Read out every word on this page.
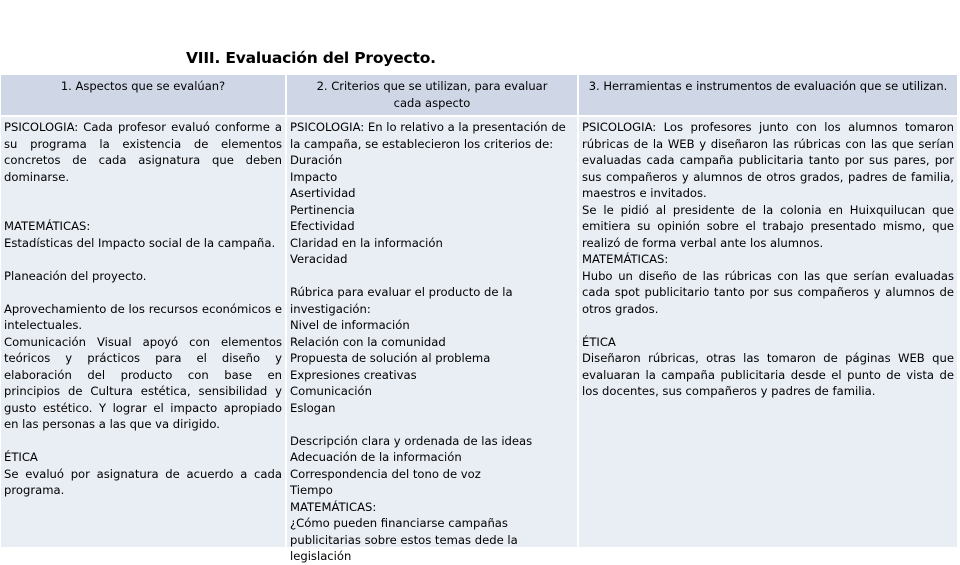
VIII. Evaluación del Proyecto.
1. Aspectos que se evalúan?	2. Criterios que se utilizan, para evaluar cada aspecto
3. Herramientas e instrumentos de evaluación que se utilizan.

PSICOLOGIA: Cada profesor evaluó conforme a su programa la existencia de elementos concretos de cada asignatura que deben dominarse.

MATEMÁTICAS:

Estadísticas del Impacto social de la campaña.

Planeación del proyecto.

Aprovechamiento de los recursos económicos e intelectuales.

Comunicación Visual apoyó con elementos teóricos y prácticos para el diseño y elaboración del producto con base en principios de Cultura estética, sensibilidad y gusto estético. Y lograr el impacto apropiado en las personas a las que va dirigido.

ÉTICA

Se evaluó por asignatura de acuerdo a cada programa.

PSICOLOGIA: En lo relativo a la presentación de la campaña, se establecieron los criterios de:

Duración

Impacto

Asertividad

Pertinencia

Efectividad

Claridad en la información

Veracidad

Rúbrica para evaluar el producto de la investigación:

Nivel de información

Relación con la comunidad

Propuesta de solución al problema

Expresiones creativas

Comunicación

Eslogan

Descripción clara y ordenada de las ideas

Adecuación de la información

Correspondencia del tono de voz

Tiempo

MATEMÁTICAS:

¿Cómo pueden financiarse campañas publicitarias sobre estos temas dede la legislación

PSICOLOGIA: Los profesores junto con los alumnos tomaron rúbricas de la WEB y diseñaron las rúbricas con las que serían evaluadas cada campaña publicitaria tanto por sus pares, por sus compañeros y alumnos de otros grados, padres de familia, maestros e invitados.

Se le pidió al presidente de la colonia en Huixquilucan que emitiera su opinión sobre el trabajo presentado mismo, que realizó de forma verbal ante los alumnos.

MATEMÁTICAS:

Hubo un diseño de las rúbricas con las que serían evaluadas cada spot publicitario tanto por sus compañeros y alumnos de otros grados.

ÉTICA

Diseñaron rúbricas, otras las tomaron de páginas WEB que evaluaran la campaña publicitaria desde el punto de vista de los docentes, sus compañeros y padres de familia.
